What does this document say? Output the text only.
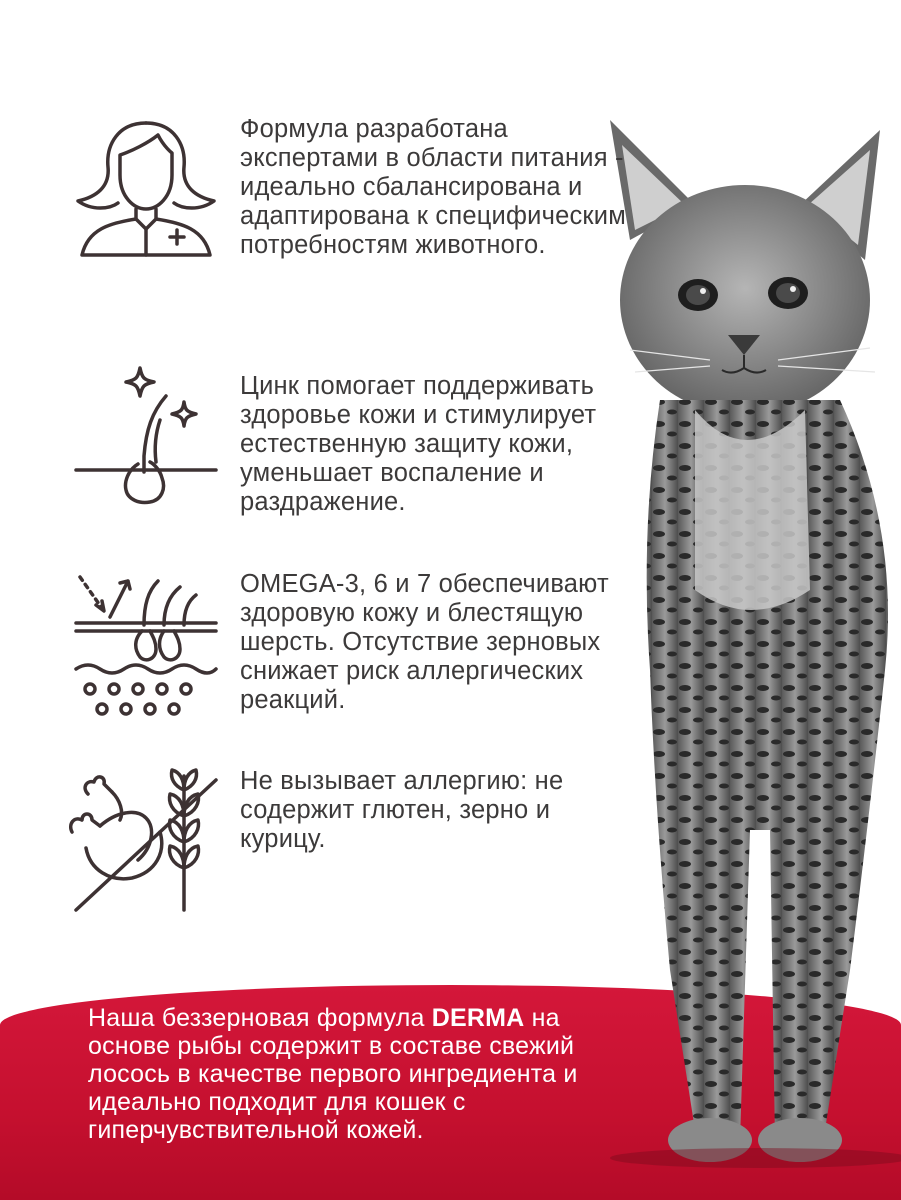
Формула разработана экспертами в области питания - идеально сбалансирована и адаптирована к специфическим потребностям животного.

Цинк помогает поддерживать здоровье кожи и стимулирует естественную защиту кожи, уменьшает воспаление и раздражение.

OMEGA-3, 6 и 7 обеспечивают здоровую кожу и блестящую шерсть. Отсутствие зерновых снижает риск аллергических реакций.

Не вызывает аллергию: не содержит глютен, зерно и курицу.

Наша беззерновая формула DERMA на основе рыбы содержит в составе свежий лосось в качестве первого ингредиента и идеально подходит для кошек с гиперчувствительной кожей.
